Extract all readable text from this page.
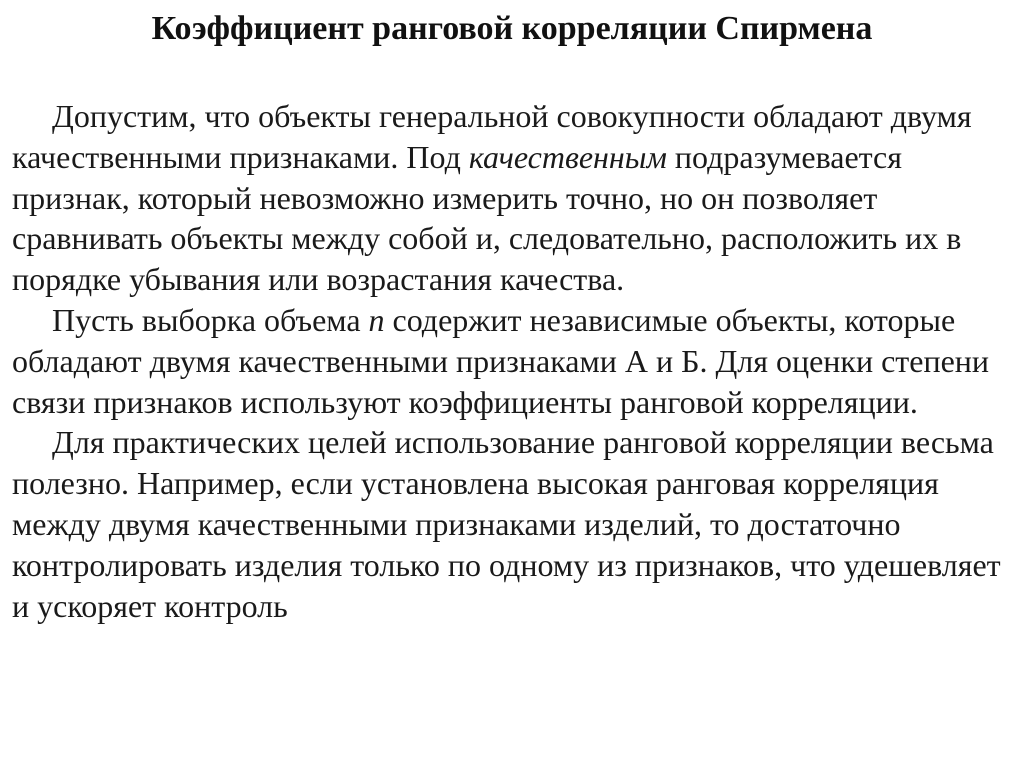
Коэффициент ранговой корреляции Спирмена

Допустим, что объекты генеральной совокупности обладают двумя качественными признаками. Под качественным подразумевается признак, который невозможно измерить точно, но он позволяет сравнивать объекты между собой и, следовательно, расположить их в порядке убывания или возрастания качества.

Пусть выборка объема n содержит независимые объекты, которые обладают двумя качественными признаками А и Б. Для оценки степени связи признаков используют коэффициенты ранговой корреляции.

Для практических целей использование ранговой корреляции весьма полезно. Например, если установлена высокая ранговая корреляция между двумя качественными признаками изделий, то достаточно контролировать изделия только по одному из признаков, что удешевляет и ускоряет контроль
